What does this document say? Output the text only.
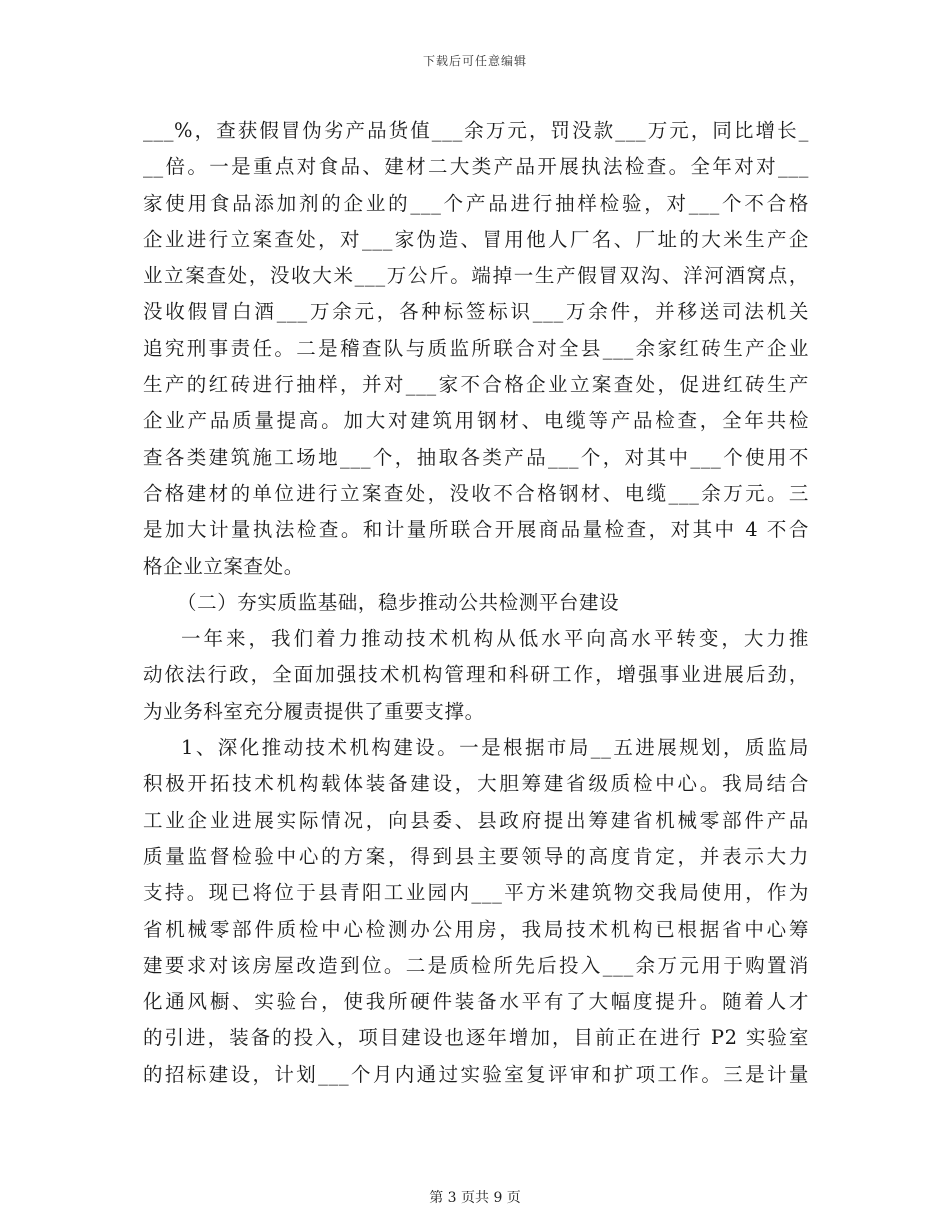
下载后可任意编辑
___%，查获假冒伪劣产品货值___余万元，罚没款___万元，同比增长_
__倍。一是重点对食品、建材二大类产品开展执法检查。全年对对___
家使用食品添加剂的企业的___个产品进行抽样检验，对___个不合格
企业进行立案查处，对___家伪造、冒用他人厂名、厂址的大米生产企
业立案查处，没收大米___万公斤。端掉一生产假冒双沟、洋河酒窝点，
没收假冒白酒___万余元，各种标签标识___万余件，并移送司法机关
追究刑事责任。二是稽查队与质监所联合对全县___余家红砖生产企业
生产的红砖进行抽样，并对___家不合格企业立案查处，促进红砖生产
企业产品质量提高。加大对建筑用钢材、电缆等产品检查，全年共检
查各类建筑施工场地___个，抽取各类产品___个，对其中___个使用不
合格建材的单位进行立案查处，没收不合格钢材、电缆___余万元。三
是加大计量执法检查。和计量所联合开展商品量检查，对其中 4 不合
格企业立案查处。
（二）夯实质监基础，稳步推动公共检测平台建设
一年来，我们着力推动技术机构从低水平向高水平转变，大力推
动依法行政，全面加强技术机构管理和科研工作，增强事业进展后劲，
为业务科室充分履责提供了重要支撑。
1、深化推动技术机构建设。一是根据市局__五进展规划，质监局
积极开拓技术机构载体装备建设，大胆筹建省级质检中心。我局结合
工业企业进展实际情况，向县委、县政府提出筹建省机械零部件产品
质量监督检验中心的方案，得到县主要领导的高度肯定，并表示大力
支持。现已将位于县青阳工业园内___平方米建筑物交我局使用，作为
省机械零部件质检中心检测办公用房，我局技术机构已根据省中心筹
建要求对该房屋改造到位。二是质检所先后投入___余万元用于购置消
化通风橱、实验台，使我所硬件装备水平有了大幅度提升。随着人才
的引进，装备的投入，项目建设也逐年增加，目前正在进行 P2 实验室
的招标建设，计划___个月内通过实验室复评审和扩项工作。三是计量
第 3 页共 9 页
